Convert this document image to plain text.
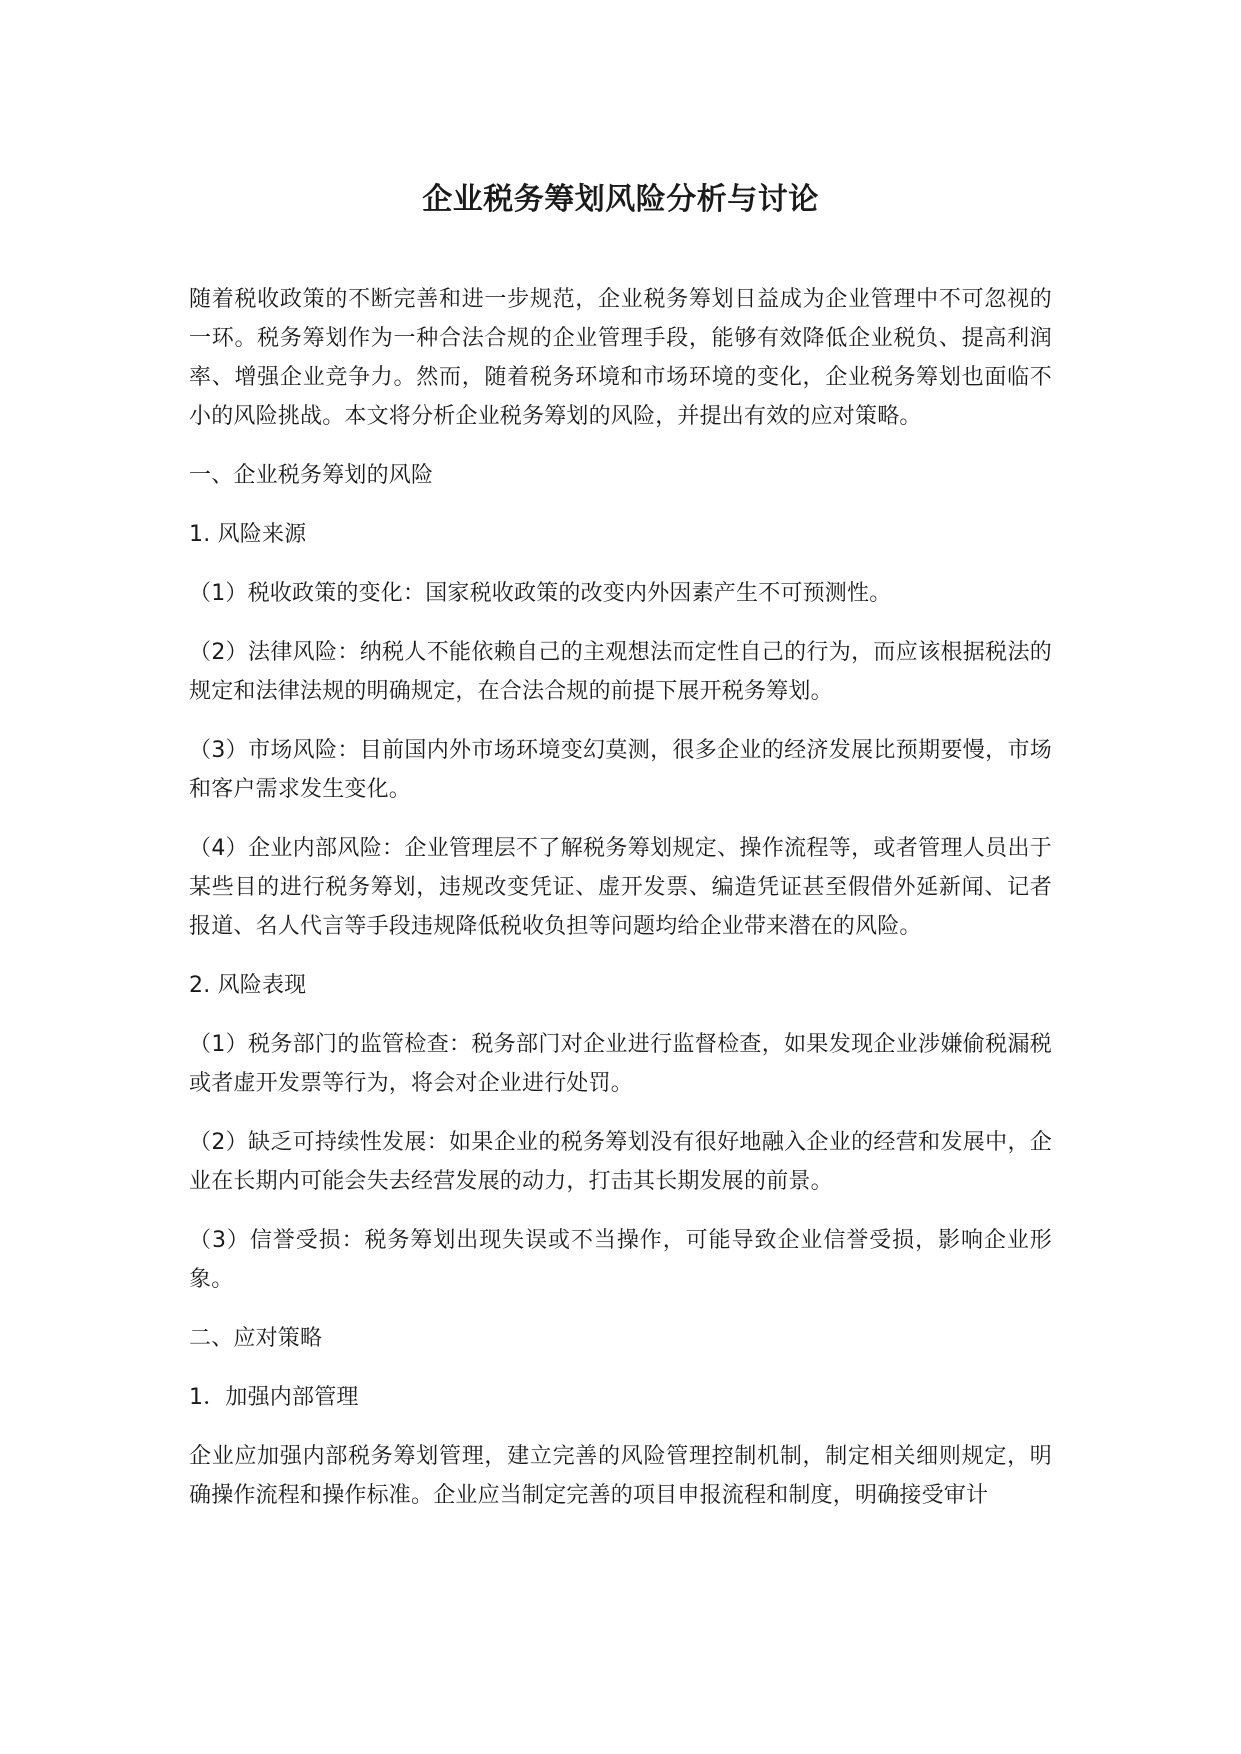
企业税务筹划风险分析与讨论

随着税收政策的不断完善和进一步规范，企业税务筹划日益成为企业管理中不可忽视的一环。税务筹划作为一种合法合规的企业管理手段，能够有效降低企业税负、提高利润率、增强企业竞争力。然而，随着税务环境和市场环境的变化，企业税务筹划也面临不小的风险挑战。本文将分析企业税务筹划的风险，并提出有效的应对策略。

一、企业税务筹划的风险

1. 风险来源

（1）税收政策的变化：国家税收政策的改变内外因素产生不可预测性。

（2）法律风险：纳税人不能依赖自己的主观想法而定性自己的行为，而应该根据税法的规定和法律法规的明确规定，在合法合规的前提下展开税务筹划。

（3）市场风险：目前国内外市场环境变幻莫测，很多企业的经济发展比预期要慢，市场和客户需求发生变化。

（4）企业内部风险：企业管理层不了解税务筹划规定、操作流程等，或者管理人员出于某些目的进行税务筹划，违规改变凭证、虚开发票、编造凭证甚至假借外延新闻、记者报道、名人代言等手段违规降低税收负担等问题均给企业带来潜在的风险。

2. 风险表现

（1）税务部门的监管检查：税务部门对企业进行监督检查，如果发现企业涉嫌偷税漏税或者虚开发票等行为，将会对企业进行处罚。

（2）缺乏可持续性发展：如果企业的税务筹划没有很好地融入企业的经营和发展中，企业在长期内可能会失去经营发展的动力，打击其长期发展的前景。

（3）信誉受损：税务筹划出现失误或不当操作，可能导致企业信誉受损，影响企业形象。

二、应对策略

1．加强内部管理

企业应加强内部税务筹划管理，建立完善的风险管理控制机制，制定相关细则规定，明确操作流程和操作标准。企业应当制定完善的项目申报流程和制度，明确接受审计
